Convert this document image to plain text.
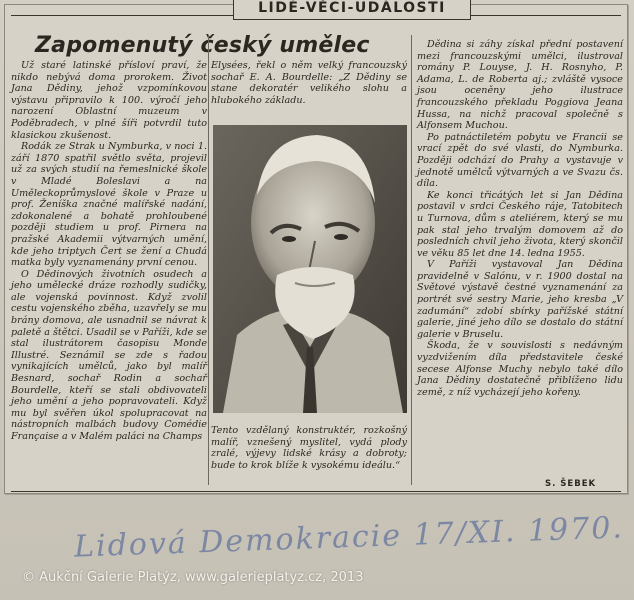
LIDÉ-VĚCI-UDÁLOSTI
Zapomenutý český umělec

Už staré latinské přísloví praví, že nikdo nebývá doma prorokem. Život Jana Dědiny, jehož vzpomínkovou výstavu připravilo k 100. výročí jeho narození Oblastní muzeum v Poděbradech, v plné šíři potvrdil tuto klasickou zkušenost.

Rodák ze Strak u Nymburka, v noci 1. září 1870 spatřil světlo světa, projevil už za svých studií na řemeslnické škole v Mladé Boleslavi a na Uměleckoprůmyslové škole v Praze u prof. Ženíška značné malířské nadání, zdokonalené a bohatě prohloubené později studiem u prof. Pirnera na pražské Akademii výtvarných umění, kde jeho triptych Čert se žení a Chudá matka byly vyznamenány první cenou.

O Dědinových životních osudech a jeho umělecké dráze rozhodly sudičky, ale vojenská povinnost. Když zvolil cestu vojenského zběha, uzavřely se mu brány domova, ale usnadnil se návrat k paletě a štětci. Usadil se v Paříži, kde se stal ilustrátorem časopisu Monde Illustré. Seznámil se zde s řadou vynikajících umělců, jako byl malíř Besnard, sochař Rodin a sochař Bourdelle, kteří se stali obdivovateli jeho umění a jeho popravovateli. Když mu byl svěřen úkol spolupracovat na nástropních malbách budovy Comédie Française a v Malém paláci na Champs

Elysées, řekl o něm velký francouzský sochař E. A. Bourdelle: „Z Dědiny se stane dekoratér velikého slohu a hlubokého základu.

Tento vzdělaný konstruktér, rozkošný malíř, vznešený myslitel, vydá plody zralé, výjevy lidské krásy a dobroty; bude to krok blíže k vysokému ideálu.“

Dědina si záhy získal přední postavení mezi francouzskými umělci, ilustroval romány P. Louyse, J. H. Rosnyho, P. Adama, L. de Roberta aj.; zvláště vysoce jsou oceněny jeho ilustrace francouzského překladu Poggiova Jeana Hussa, na nichž pracoval společně s Alfonsem Muchou.

Po patnáctiletém pobytu ve Francii se vrací zpět do své vlasti, do Nymburka. Později odchází do Prahy a vystavuje v jednotě umělců výtvarných a ve Svazu čs. díla.

Ke konci třicátých let si Jan Dědina postavil v srdci Českého ráje, Tatobitech u Turnova, dům s ateliérem, který se mu pak stal jeho trvalým domovem až do posledních chvil jeho života, který skončil ve věku 85 let dne 14. ledna 1955.

V Paříži vystavoval Jan Dědina pravidelně v Salónu, v r. 1900 dostal na Světové výstavě čestné vyznamenání za portrét své sestry Marie, jeho kresba „V zadumání“ zdobí sbírky pařížské státní galerie, jiné jeho dílo se dostalo do státní galerie v Bruselu.

Škoda, že v souvislosti s nedávným vyzdvižením díla představitele české secese Alfonse Muchy nebylo také dílo Jana Dědiny dostatečně přiblíženo lidu země, z níž vycházejí jeho kořeny.

S. ŠEBEK
Lidová Demokracie 17/XI. 1970.
© Aukční Galerie Platýz, www.galerieplatyz.cz, 2013
